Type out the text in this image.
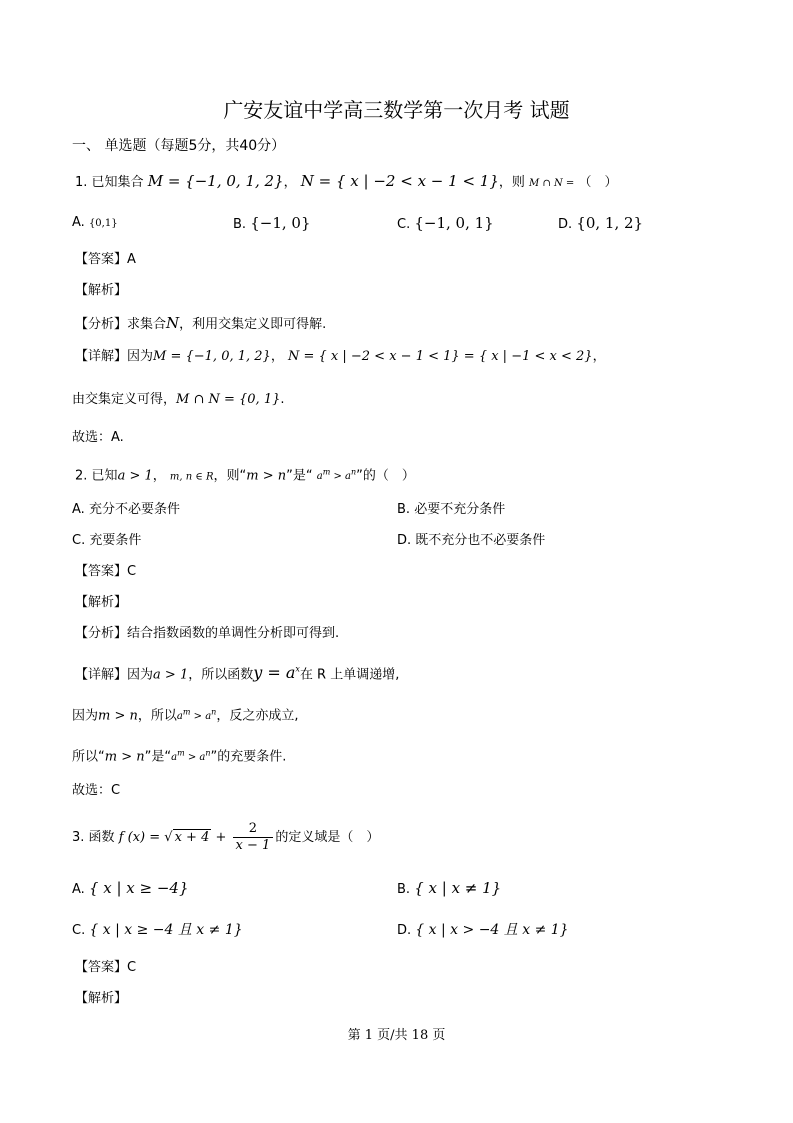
广安友谊中学高三数学第一次月考 试题
一、 单选题（每题5分，共40分）
1. 已知集合 M = {−1, 0, 1, 2}， N = { x | −2 < x − 1 < 1}，则 M ∩ N = （　）
A. {0,1}	B. {−1, 0}	C. {−1, 0, 1}	D. {0, 1, 2}
【答案】A
【解析】
【分析】求集合N，利用交集定义即可得解.
【详解】因为M = {−1, 0, 1, 2}， N = { x | −2 < x − 1 < 1} = { x | −1 < x < 2}，
由交集定义可得，M ∩ N = {0, 1}.
故选：A.
2. 已知a > 1， m, n ∈ R，则“m > n”是“ $a^m > a^n$”的（　）
A. 充分不必要条件	B. 必要不充分条件
C. 充要条件	D. 既不充分也不必要条件
【答案】C
【解析】
【分析】结合指数函数的单调性分析即可得到.
【详解】因为a > 1，所以函数$y = a^x$在 R 上单调递增,
因为m > n，所以$a^m > a^n$，反之亦成立,
所以“m > n”是“$a^m > a^n$”的充要条件.
故选：C
3. 函数 f (x) = √ $x + 4 + \frac{2}{x - 1}$ 的定义域是（　）
A. { x | x ≥ −4}	B. { x | x ≠ 1}
C. { x | x ≥ −4 且 x ≠ 1}	D. { x | x > −4 且 x ≠ 1}
【答案】C
【解析】
第 1 页/共 18 页
